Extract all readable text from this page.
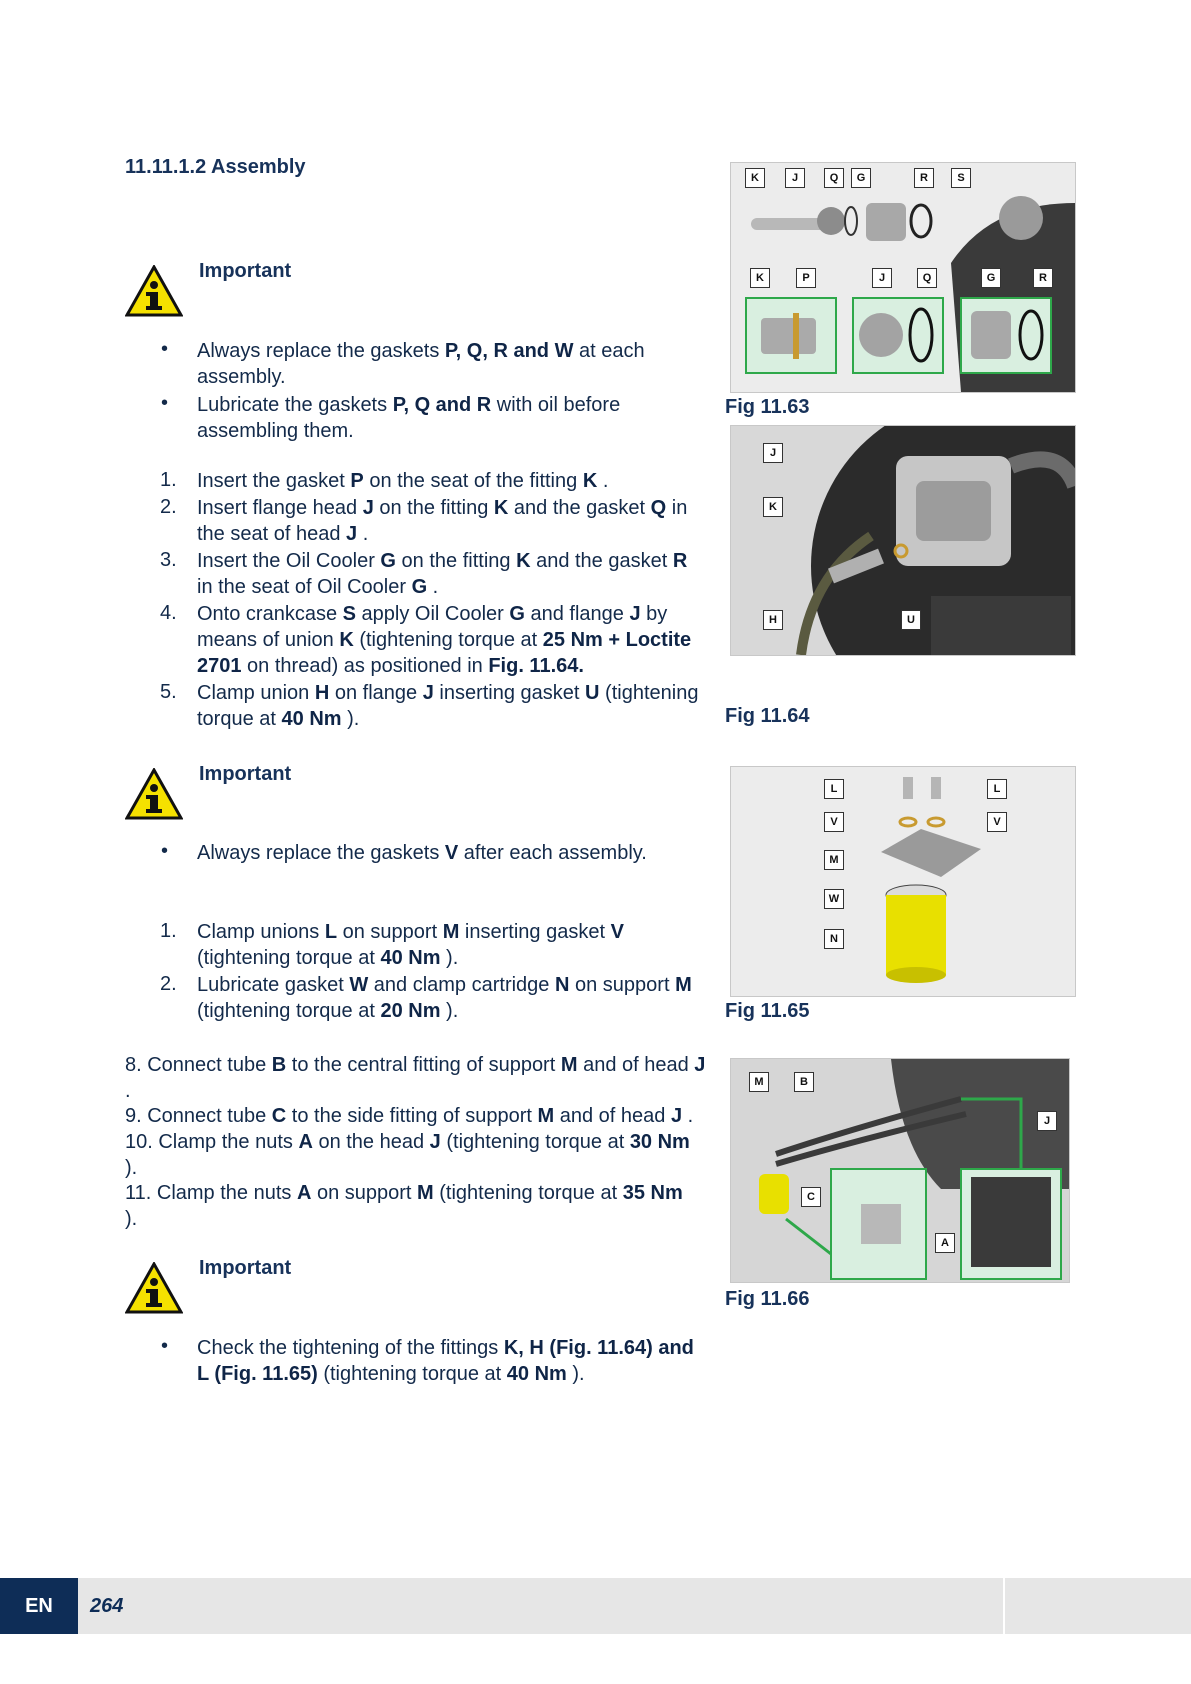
11.11.1.2 Assembly
Important
• Always replace the gaskets P, Q, R and W at each assembly.
• Lubricate the gaskets P, Q and R with oil before assembling them.
1. Insert the gasket P on the seat of the fitting K .
2. Insert flange head J on the fitting K and the gasket Q in the seat of head J .
3. Insert the Oil Cooler G on the fitting K and the gasket R in the seat of Oil Cooler G .
4. Onto crankcase S apply Oil Cooler G and flange J by means of union K (tightening torque at 25 Nm + Loctite 2701 on thread) as positioned in Fig. 11.64.
5. Clamp union H on flange J inserting gasket U (tightening torque at 40 Nm ).
Important
• Always replace the gaskets V after each assembly.
1. Clamp unions L on support M inserting gasket V (tightening torque at 40 Nm ).
2. Lubricate gasket W and clamp cartridge N on support M (tightening torque at 20 Nm ).
8. Connect tube B to the central fitting of support M and of head J .
9. Connect tube C to the side fitting of support M and of head J .
10. Clamp the nuts A on the head J (tightening torque at 30 Nm ).
11. Clamp the nuts A on support M (tightening torque at 35 Nm ).
Important
• Check the tightening of the fittings K, H (Fig. 11.64) and L (Fig. 11.65) (tightening torque at 40 Nm ).
K	J	Q	G	R	S
K	P	J	Q	G	R
Fig 11.63
J
K
H	U
Fig 11.64
L	L
V	V
M
W
N
Fig 11.65
M	B
J
C
A
Fig 11.66
EN	264
